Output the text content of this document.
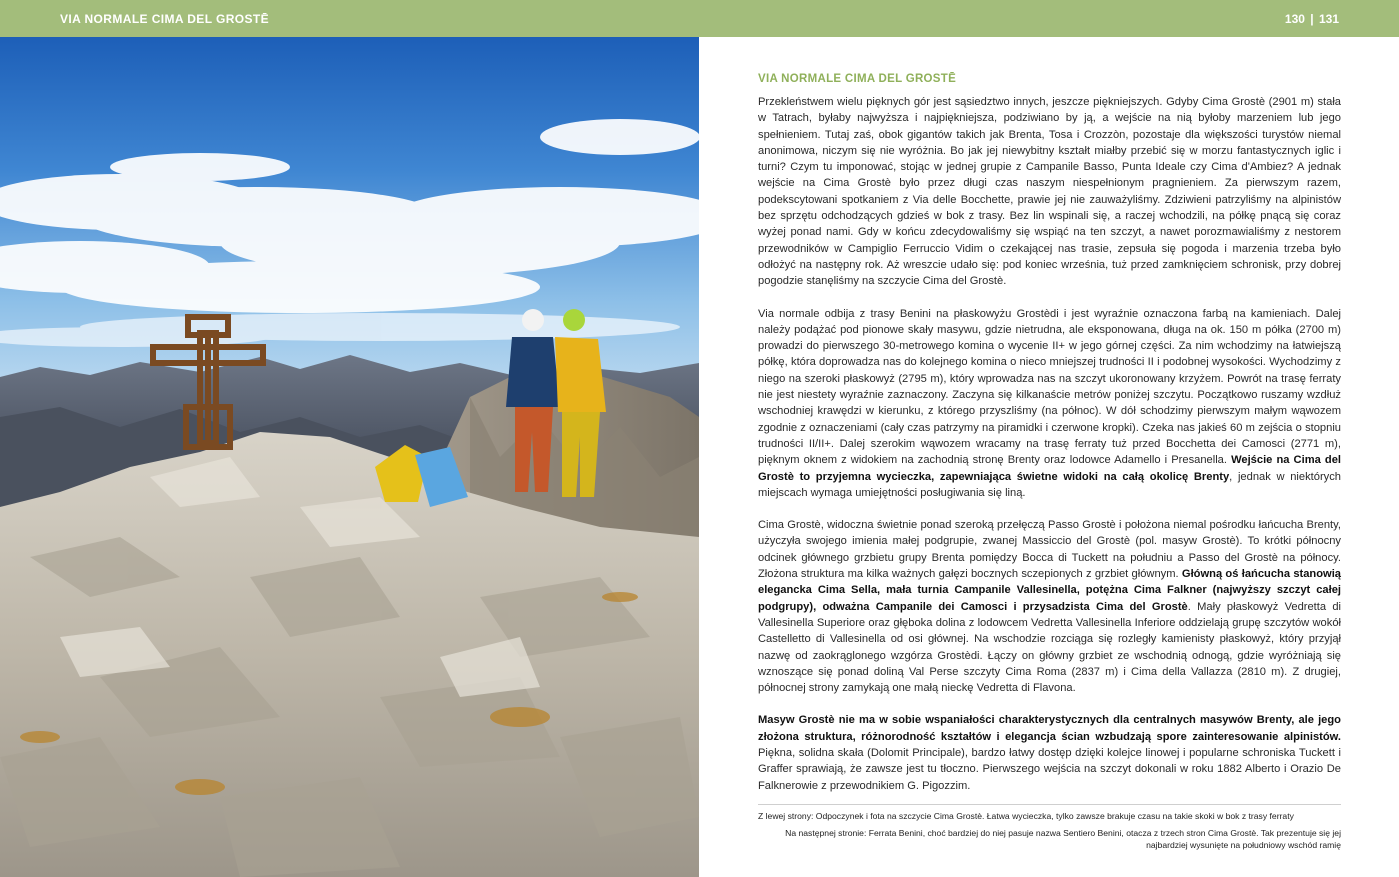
VIA NORMALE CIMA DEL GROSTĒ	130 | 131
VIA NORMALE CIMA DEL GROSTĒ

Przekleństwem wielu pięknych gór jest sąsiedztwo innych, jeszcze piękniejszych. Gdyby Cima Grostè (2901 m) stała w Tatrach, byłaby najwyższa i najpiękniejsza, podziwiano by ją, a wejście na nią byłoby marzeniem lub jego spełnieniem. Tutaj zaś, obok gigantów takich jak Brenta, Tosa i Crozzòn, pozostaje dla większości turystów niemal anonimowa, niczym się nie wyróżnia. Bo jak jej niewybitny kształt miałby przebić się w morzu fantastycznych iglic i turni? Czym tu imponować, stojąc w jednej grupie z Campanile Basso, Punta Ideale czy Cima d'Ambiez? A jednak wejście na Cima Grostè było przez długi czas naszym niespełnionym pragnieniem. Za pierwszym razem, podekscytowani spotkaniem z Via delle Bocchette, prawie jej nie zauważyliśmy. Zdziwieni patrzyliśmy na alpinistów bez sprzętu odchodzących gdzieś w bok z trasy. Bez lin wspinali się, a raczej wchodzili, na półkę pnącą się coraz wyżej ponad nami. Gdy w końcu zdecydowaliśmy się wspiąć na ten szczyt, a nawet porozmawialiśmy z nestorem przewodników w Campiglio Ferruccio Vidim o czekającej nas trasie, zepsuła się pogoda i marzenia trzeba było odłożyć na następny rok. Aż wreszcie udało się: pod koniec września, tuż przed zamknięciem schronisk, przy dobrej pogodzie stanęliśmy na szczycie Cima del Grostè.

Via normale odbija z trasy Benini na płaskowyżu Grostèdi i jest wyraźnie oznaczona farbą na kamieniach. Dalej należy podążać pod pionowe skały masywu, gdzie nietrudna, ale eksponowana, długa na ok. 150 m półka (2700 m) prowadzi do pierwszego 30-metrowego komina o wycenie II+ w jego górnej części. Za nim wchodzimy na łatwiejszą półkę, która doprowadza nas do kolejnego komina o nieco mniejszej trudności II i podobnej wysokości. Wychodzimy z niego na szeroki płaskowyż (2795 m), który wprowadza nas na szczyt ukoronowany krzyżem. Powrót na trasę ferraty nie jest niestety wyraźnie zaznaczony. Zaczyna się kilkanaście metrów poniżej szczytu. Początkowo ruszamy wzdłuż wschodniej krawędzi w kierunku, z którego przyszliśmy (na północ). W dół schodzimy pierwszym małym wąwozem zgodnie z oznaczeniami (cały czas patrzymy na piramidki i czerwone kropki). Czeka nas jakieś 60 m zejścia o stopniu trudności II/II+. Dalej szerokim wąwozem wracamy na trasę ferraty tuż przed Bocchetta dei Camosci (2771 m), pięknym oknem z widokiem na zachodnią stronę Brenty oraz lodowce Adamello i Presanella. Wejście na Cima del Grostè to przyjemna wycieczka, zapewniająca świetne widoki na całą okolicę Brenty, jednak w niektórych miejscach wymaga umiejętności posługiwania się liną.

Cima Grostè, widoczna świetnie ponad szeroką przełęczą Passo Grostè i położona niemal pośrodku łańcucha Brenty, użyczyła swojego imienia małej podgrupie, zwanej Massiccio del Grostè (pol. masyw Grostè). To krótki północny odcinek głównego grzbietu grupy Brenta pomiędzy Bocca di Tuckett na południu a Passo del Grostè na północy. Złożona struktura ma kilka ważnych gałęzi bocznych sczepionych z grzbiet głównym. Główną oś łańcucha stanowią elegancka Cima Sella, mała turnia Campanile Vallesinella, potężna Cima Falkner (najwyższy szczyt całej podgrupy), odważna Campanile dei Camosci i przysadzista Cima del Grostè. Mały płaskowyż Vedretta di Vallesinella Superiore oraz głęboka dolina z lodowcem Vedretta Vallesinella Inferiore oddzielają grupę szczytów wokół Castelletto di Vallesinella od osi głównej. Na wschodzie rozciąga się rozległy kamienisty płaskowyż, który przyjął nazwę od zaokrąglonego wzgórza Grostèdi. Łączy on główny grzbiet ze wschodnią odnogą, gdzie wyróżniają się wznoszące się ponad doliną Val Perse szczyty Cima Roma (2837 m) i Cima della Vallazza (2810 m). Z drugiej, północnej strony zamykają one małą nieckę Vedretta di Flavona.

Masyw Grostè nie ma w sobie wspaniałości charakterystycznych dla centralnych masywów Brenty, ale jego złożona struktura, różnorodność kształtów i elegancja ścian wzbudzają spore zainteresowanie alpinistów. Piękna, solidna skała (Dolomit Principale), bardzo łatwy dostęp dzięki kolejce linowej i popularne schroniska Tuckett i Graffer sprawiają, że zawsze jest tu tłoczno. Pierwszego wejścia na szczyt dokonali w roku 1882 Alberto i Orazio De Falknerowie z przewodnikiem G. Pigozzim.

Z lewej strony: Odpoczynek i fota na szczycie Cima Grostè. Łatwa wycieczka, tylko zawsze brakuje czasu na takie skoki w bok z trasy ferraty

Na następnej stronie: Ferrata Benini, choć bardziej do niej pasuje nazwa Sentiero Benini, otacza z trzech stron Cima Grostè. Tak prezentuje się jej najbardziej wysunięte na południowy wschód ramię
